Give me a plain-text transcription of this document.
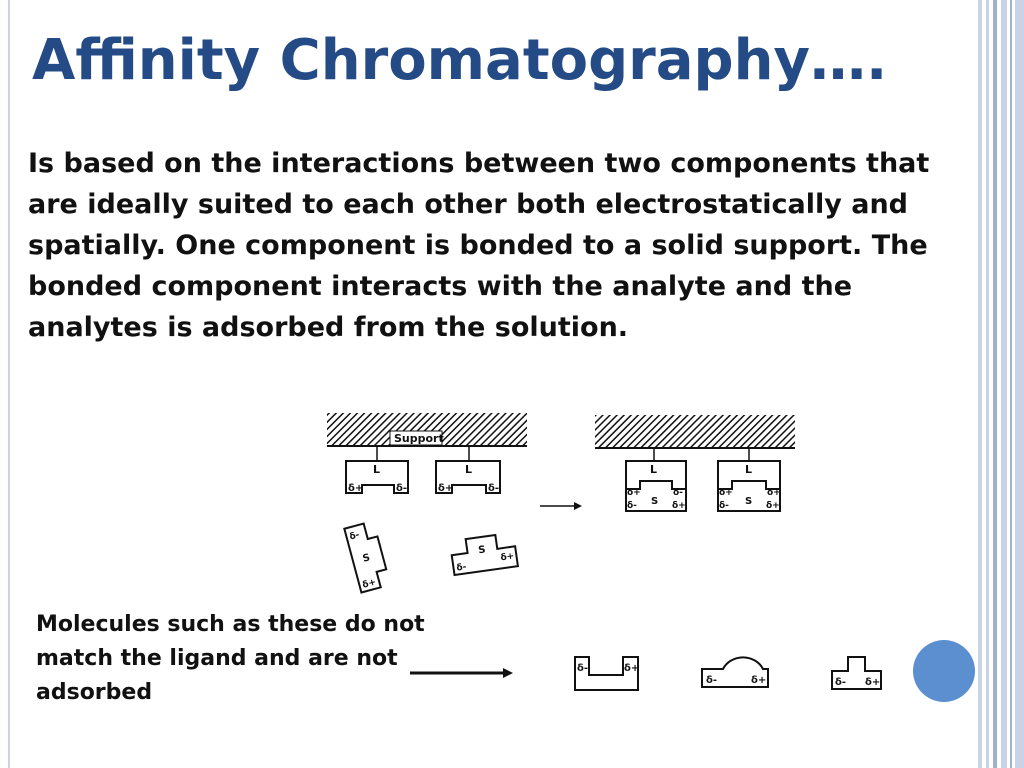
Affinity Chromatography….

Is based on the interactions between two components that are ideally suited to each other both electrostatically and spatially. One component is bonded to a solid support. The bonded component interacts with the analyte and the analytes is adsorbed from the solution.

Support
L
δ+	δ-
L
δ+	δ-
L
δ+	δ-
δ- S δ+
L
δ+	δ+
δ- S δ+
δ-
S
δ+
S
δ+
δ-

Molecules such as these do not match the ligand and are not adsorbed

δ-	δ+
δ-	δ+	δ- δ+
